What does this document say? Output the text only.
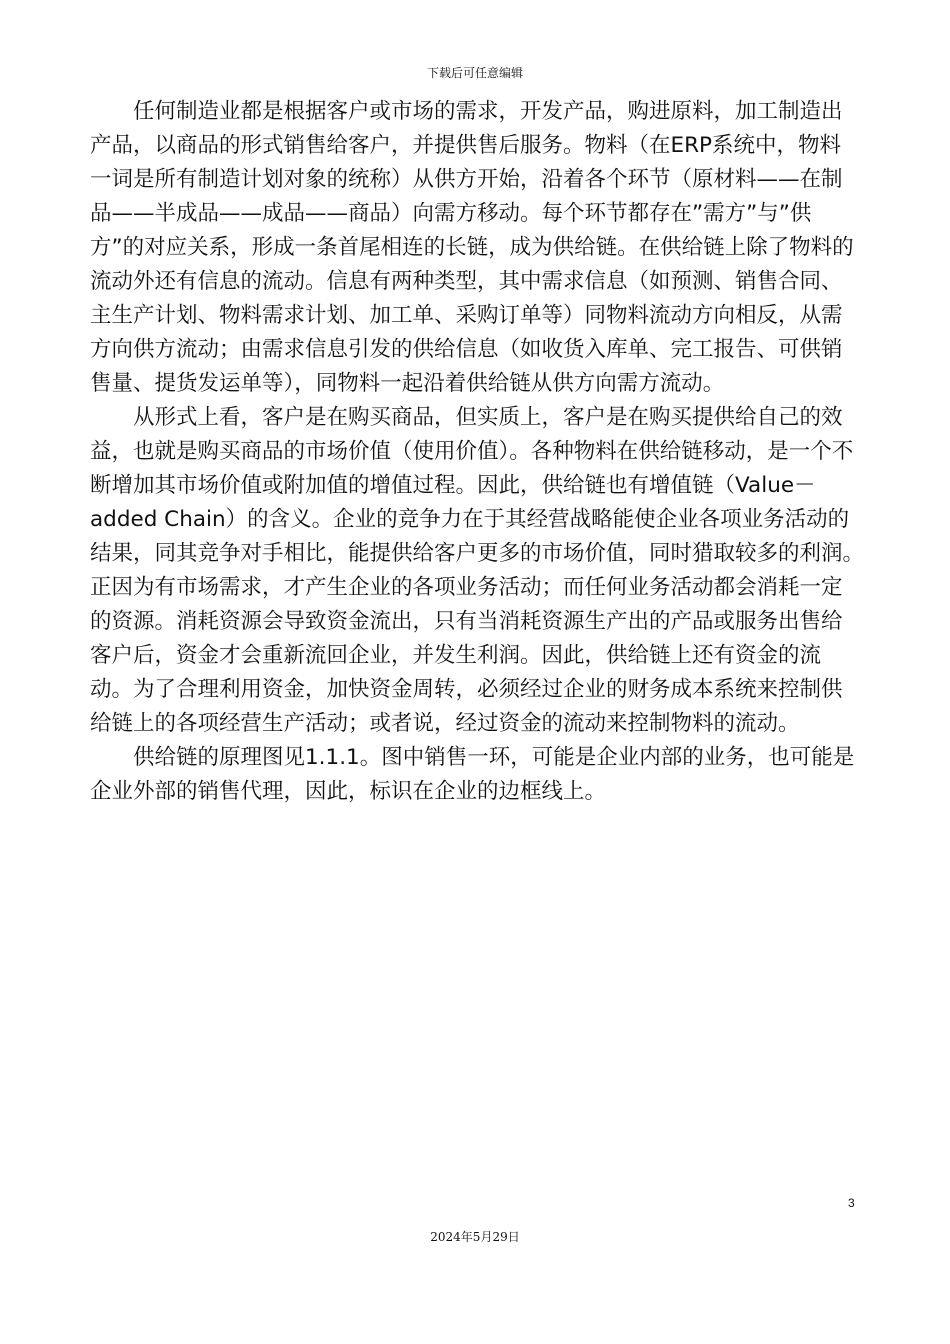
下载后可任意编辑

任何制造业都是根据客户或市场的需求，开发产品，购进原料，加工制造出产品，以商品的形式销售给客户，并提供售后服务。物料（在ERP系统中，物料一词是所有制造计划对象的统称）从供方开始，沿着各个环节（原材料——在制品——半成品——成品——商品）向需方移动。每个环节都存在”需方”与”供方”的对应关系，形成一条首尾相连的长链，成为供给链。在供给链上除了物料的流动外还有信息的流动。信息有两种类型，其中需求信息（如预测、销售合同、主生产计划、物料需求计划、加工单、采购订单等）同物料流动方向相反，从需方向供方流动；由需求信息引发的供给信息（如收货入库单、完工报告、可供销售量、提货发运单等），同物料一起沿着供给链从供方向需方流动。

从形式上看，客户是在购买商品，但实质上，客户是在购买提供给自己的效益，也就是购买商品的市场价值（使用价值）。各种物料在供给链移动，是一个不断增加其市场价值或附加值的增值过程。因此，供给链也有增值链（Value－added Chain）的含义。企业的竞争力在于其经营战略能使企业各项业务活动的结果，同其竞争对手相比，能提供给客户更多的市场价值，同时猎取较多的利润。　正因为有市场需求，才产生企业的各项业务活动；而任何业务活动都会消耗一定的资源。消耗资源会导致资金流出，只有当消耗资源生产出的产品或服务出售给客户后，资金才会重新流回企业，并发生利润。因此，供给链上还有资金的流动。为了合理利用资金，加快资金周转，必须经过企业的财务成本系统来控制供给链上的各项经营生产活动；或者说，经过资金的流动来控制物料的流动。

供给链的原理图见1.1.1。图中销售一环，可能是企业内部的业务，也可能是企业外部的销售代理，因此，标识在企业的边框线上。

3
2024年5月29日
